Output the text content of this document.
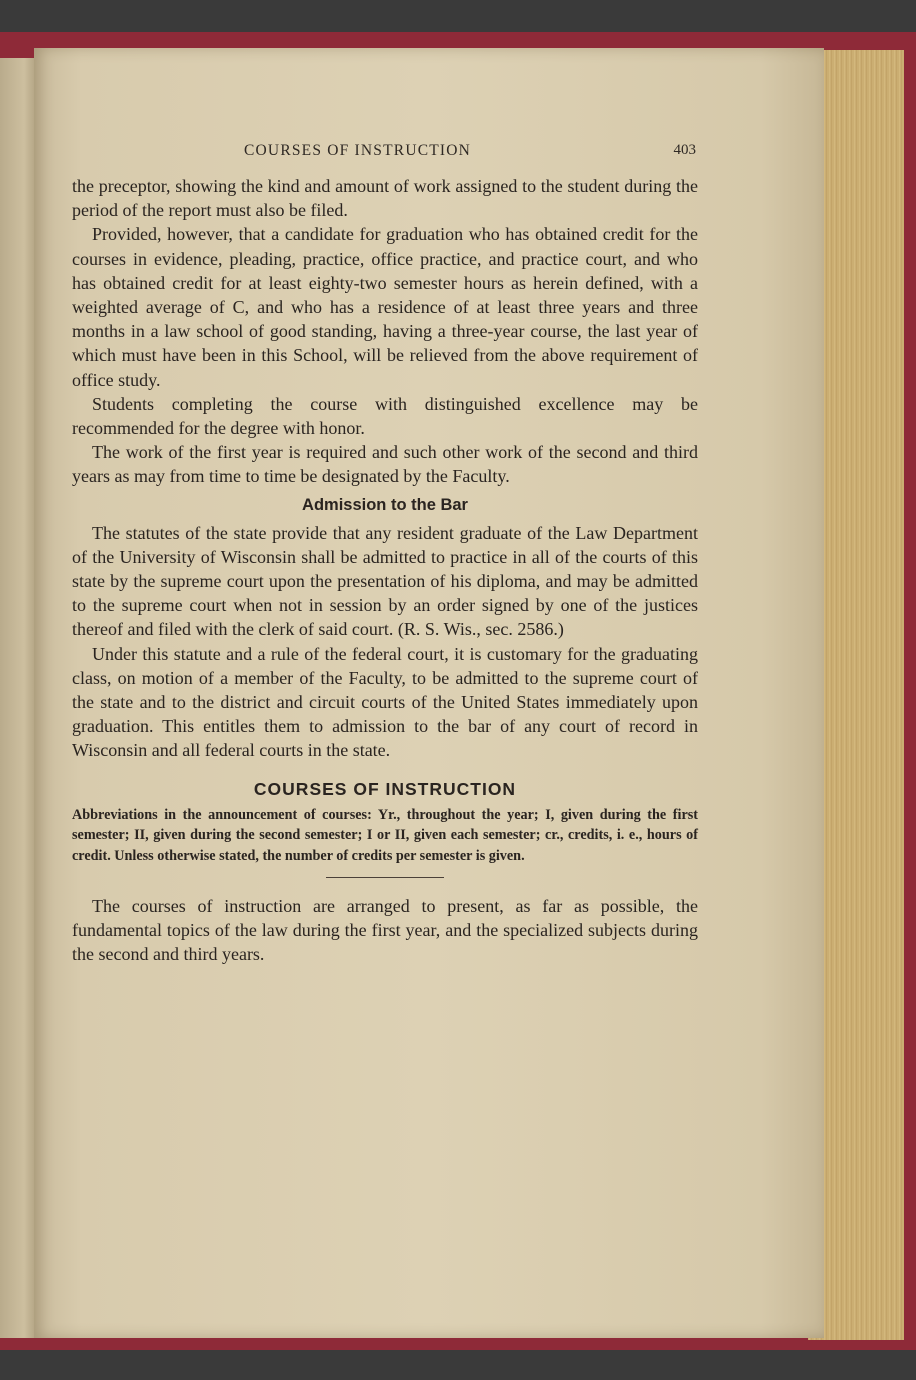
COURSES OF INSTRUCTION	403

the preceptor, showing the kind and amount of work assigned to the student during the period of the report must also be filed.

Provided, however, that a candidate for graduation who has obtained credit for the courses in evidence, pleading, practice, office practice, and practice court, and who has obtained credit for at least eighty-two semester hours as herein defined, with a weighted average of C, and who has a residence of at least three years and three months in a law school of good standing, having a three-year course, the last year of which must have been in this School, will be relieved from the above requirement of office study.

Students completing the course with distinguished excellence may be recommended for the degree with honor.

The work of the first year is required and such other work of the second and third years as may from time to time be designated by the Faculty.

Admission to the Bar

The statutes of the state provide that any resident graduate of the Law Department of the University of Wisconsin shall be admitted to practice in all of the courts of this state by the supreme court upon the presentation of his diploma, and may be admitted to the supreme court when not in session by an order signed by one of the justices thereof and filed with the clerk of said court. (R. S. Wis., sec. 2586.)

Under this statute and a rule of the federal court, it is customary for the graduating class, on motion of a member of the Faculty, to be admitted to the supreme court of the state and to the district and circuit courts of the United States immediately upon graduation. This entitles them to admission to the bar of any court of record in Wisconsin and all federal courts in the state.

COURSES OF INSTRUCTION

Abbreviations in the announcement of courses: Yr., throughout the year; I, given during the first semester; II, given during the second semester; I or II, given each semester; cr., credits, i. e., hours of credit. Unless otherwise stated, the number of credits per semester is given.

The courses of instruction are arranged to present, as far as possible, the fundamental topics of the law during the first year, and the specialized subjects during the second and third years.
